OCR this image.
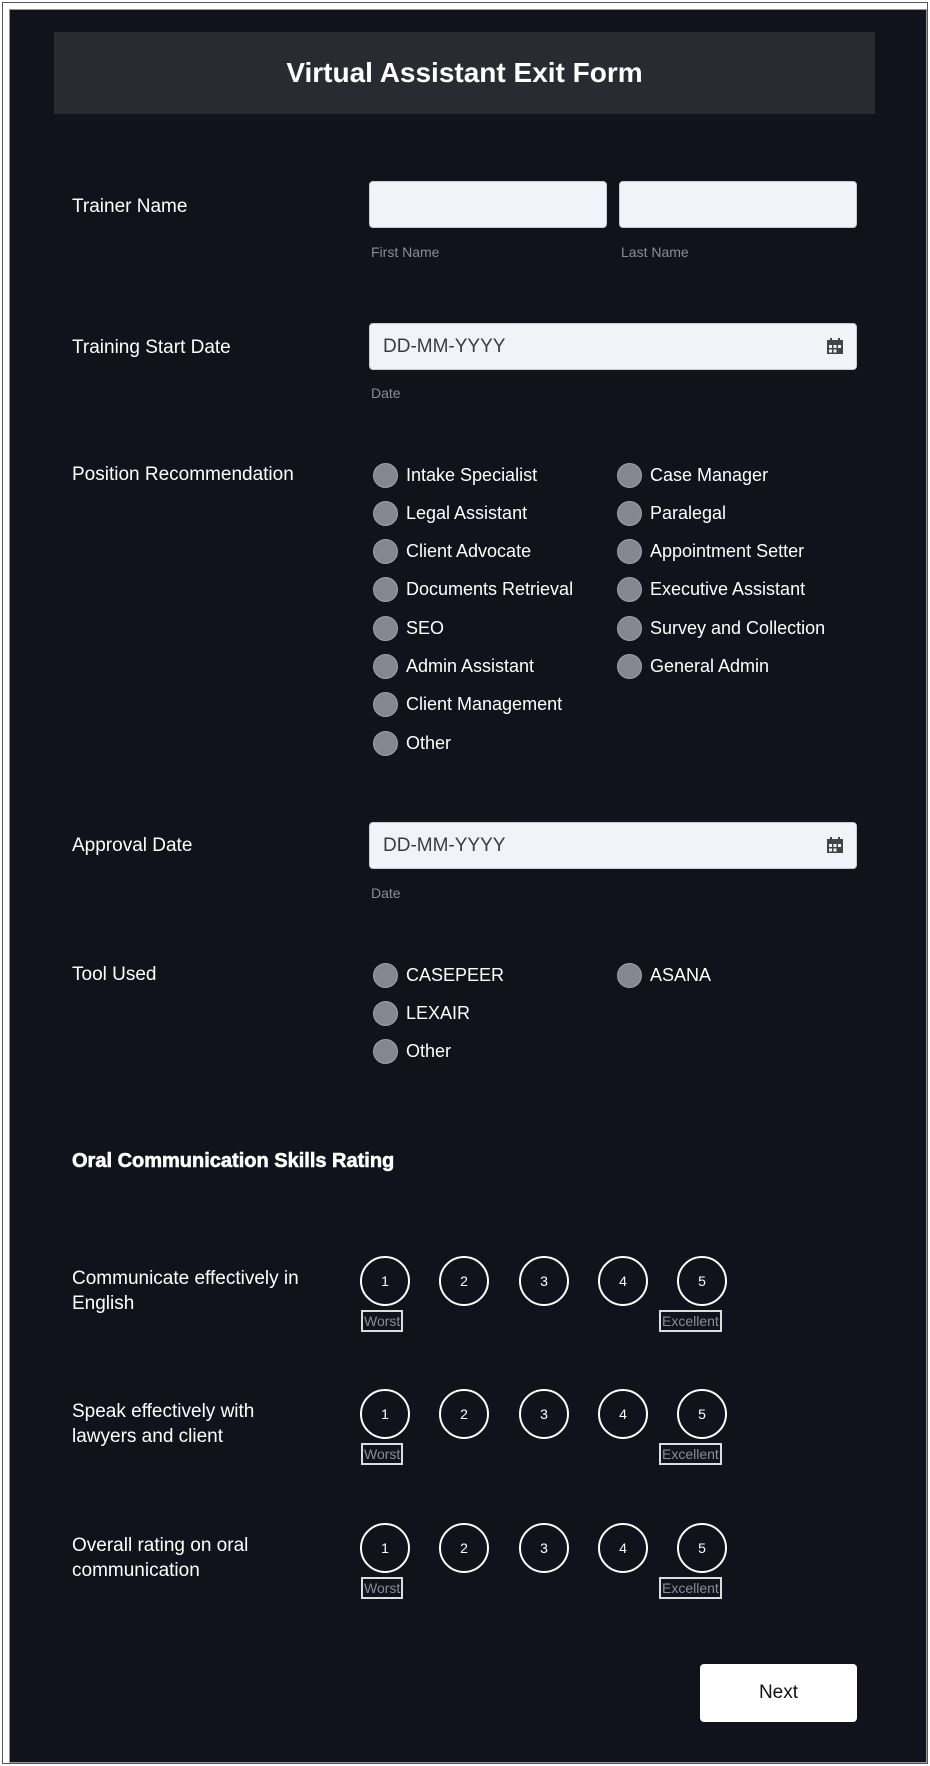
Virtual Assistant Exit Form
Trainer Name
First Name	Last Name
Training Start Date	DD-MM-YYYY
Date
Position Recommendation	Intake Specialist
Legal Assistant
Client Advocate
Documents Retrieval
SEO
Admin Assistant
Client Management
Other
Case Manager
Paralegal
Appointment Setter
Executive Assistant
Survey and Collection
General Admin
Approval Date	DD-MM-YYYY
Date
Tool Used	CASEPEER
LEXAIR
Other
ASANA
Oral Communication Skills Rating
Communicate effectively in
English
1	2	3	4	5
Worst	Excellent
Speak effectively with
lawyers and client
1	2	3	4	5
Worst	Excellent
Overall rating on oral
communication
1	2	3	4	5
Worst	Excellent
Next
